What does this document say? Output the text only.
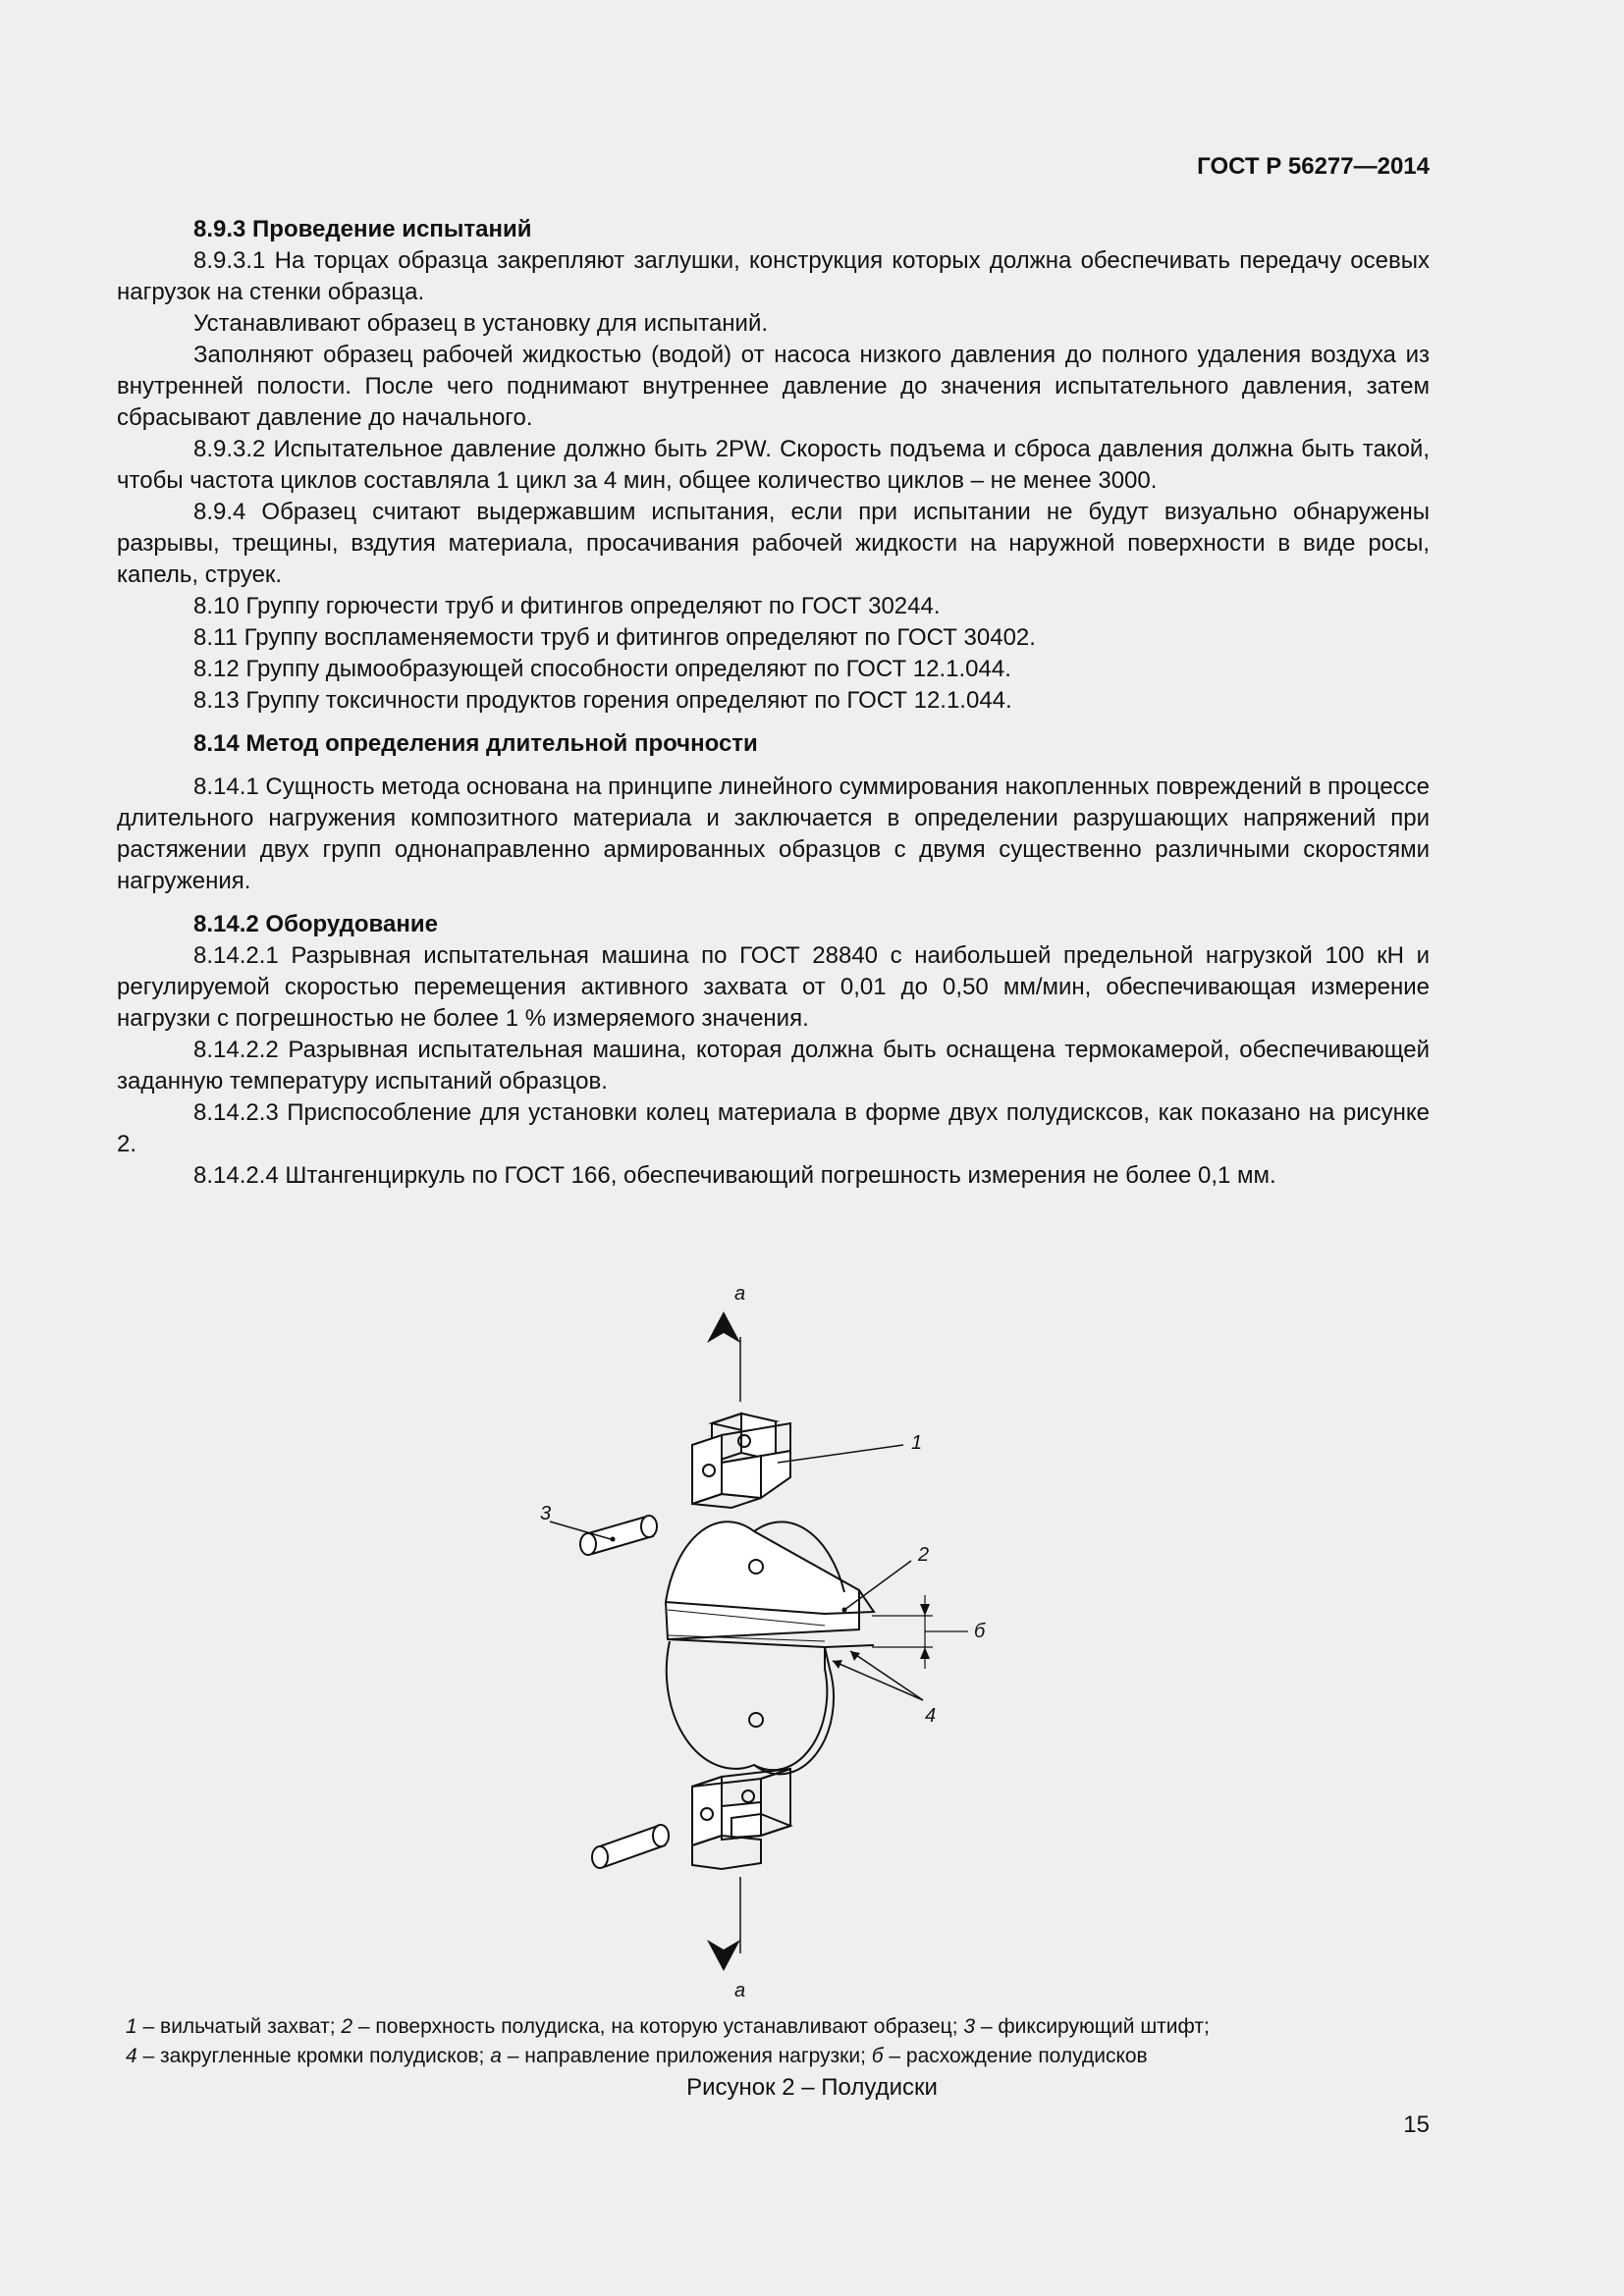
ГОСТ Р 56277—2014

8.9.3 Проведение испытаний

8.9.3.1 На торцах образца закрепляют заглушки, конструкция которых должна обеспечивать передачу осевых нагрузок на стенки образца.

Устанавливают образец в установку для испытаний.

Заполняют образец рабочей жидкостью (водой) от насоса низкого давления до полного удаления воздуха из внутренней полости. После чего поднимают внутреннее давление до значения испытательного давления, затем сбрасывают давление до начального.

8.9.3.2 Испытательное давление должно быть 2PW. Скорость подъема и сброса давления должна быть такой, чтобы частота циклов составляла 1 цикл за 4 мин, общее количество циклов – не менее 3000.

8.9.4 Образец считают выдержавшим испытания, если при испытании не будут визуально обнаружены разрывы, трещины, вздутия материала, просачивания рабочей жидкости на наружной поверхности в виде росы, капель, струек.

8.10 Группу горючести труб и фитингов определяют по ГОСТ 30244.

8.11 Группу воспламеняемости труб и фитингов определяют по ГОСТ 30402.

8.12 Группу дымообразующей способности определяют по ГОСТ 12.1.044.

8.13 Группу токсичности продуктов горения определяют по ГОСТ 12.1.044.

8.14 Метод определения длительной прочности

8.14.1 Сущность метода основана на принципе линейного суммирования накопленных повреждений в процессе длительного нагружения композитного материала и заключается в определении разрушающих напряжений при растяжении двух групп однонаправленно армированных образцов с двумя существенно различными скоростями нагружения.

8.14.2 Оборудование

8.14.2.1 Разрывная испытательная машина по ГОСТ 28840 с наибольшей предельной нагрузкой 100 кН и регулируемой скоростью перемещения активного захвата от 0,01 до 0,50 мм/мин, обеспечивающая измерение нагрузки с погрешностью не более 1 % измеряемого значения.

8.14.2.2 Разрывная испытательная машина, которая должна быть оснащена термокамерой, обеспечивающей заданную температуру испытаний образцов.

8.14.2.3 Приспособление для установки колец материала в форме двух полудисксов, как показано на рисунке 2.

8.14.2.4 Штангенциркуль по ГОСТ 166, обеспечивающий погрешность измерения не более 0,1 мм.

а
1
3
2
б
4
а
1 – вильчатый захват; 2 – поверхность полудиска, на которую устанавливают образец; 3 – фиксирующий штифт;
4 – закругленные кромки полудисков; а – направление приложения нагрузки; б – расхождение полудисков
Рисунок 2 – Полудиски
15
